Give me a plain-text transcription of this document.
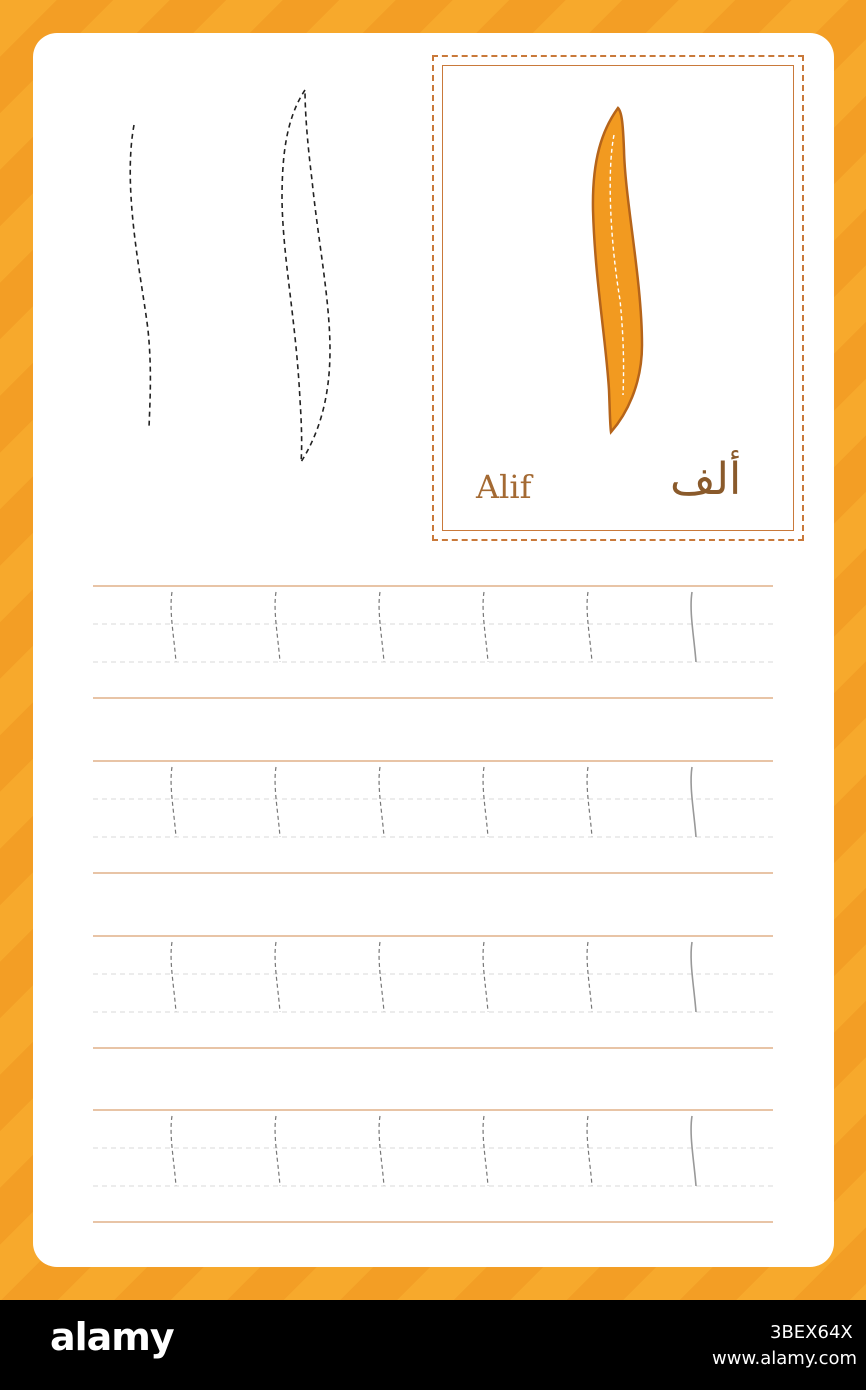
Alif	ألف
alamy	3BEX64X
www.alamy.com
